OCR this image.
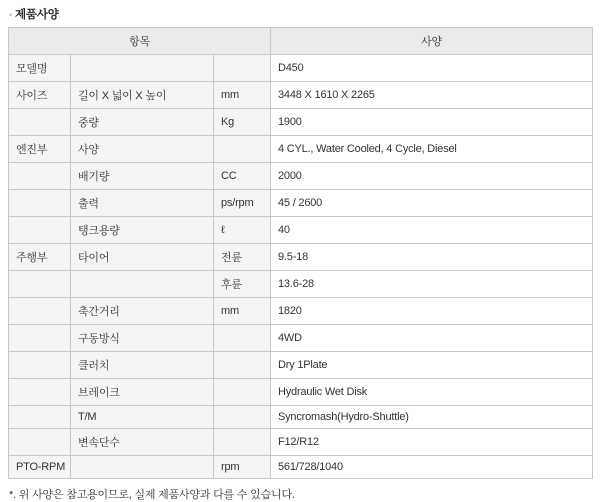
◦ 제품사양
항목			사양
모델명			D450
사이즈	길이 X 넓이 X 높이	mm	3448 X 1610 X 2265
	중량	Kg	1900
엔진부	사양		4 CYL., Water Cooled, 4 Cycle, Diesel
	배기량	CC	2000
	출력	ps/rpm	45 / 2600
	탱크용량	ℓ	40
주행부	타이어	전륜	9.5-18
		후륜	13.6-28
	축간거리	mm	1820
	구동방식		4WD
	클러치		Dry 1Plate
	브레이크		Hydraulic Wet Disk
	T/M		Syncromash(Hydro-Shuttle)
	변속단수		F12/R12
PTO-RPM		rpm	561/728/1040
*. 위 사양은 참고용이므로, 실제 제품사양과 다를 수 있습니다.
